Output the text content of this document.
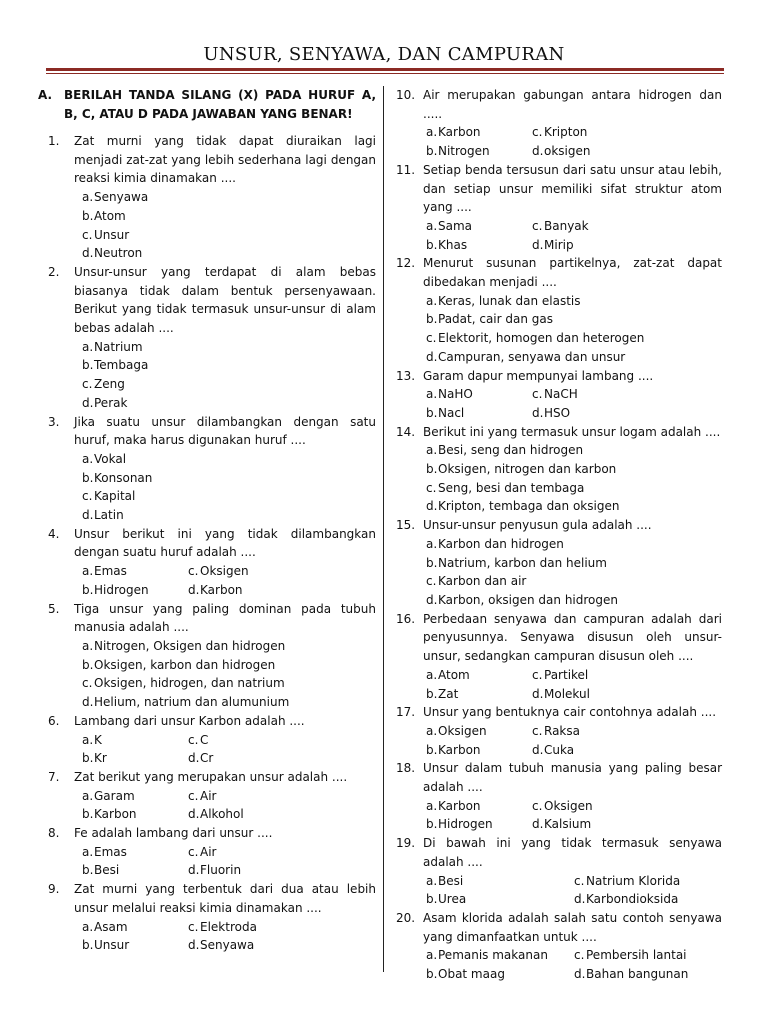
UNSUR, SENYAWA, DAN CAMPURAN
A. BERILAH TANDA SILANG (X) PADA HURUF A, B, C, ATAU D PADA JAWABAN YANG BENAR!
1.	Zat murni yang tidak dapat diuraikan lagi menjadi zat-zat yang lebih sederhana lagi dengan reaksi kimia dinamakan ....
a. Senyawa
b. Atom
c. Unsur
d. Neutron
2.	Unsur-unsur yang terdapat di alam bebas biasanya tidak dalam bentuk persenyawaan. Berikut yang tidak termasuk unsur-unsur di alam bebas adalah ....
a. Natrium
b. Tembaga
c. Zeng
d. Perak
3.	Jika suatu unsur dilambangkan dengan satu huruf, maka harus digunakan huruf ....
a. Vokal
b. Konsonan
c. Kapital
d. Latin
4.	Unsur berikut ini yang tidak dilambangkan dengan suatu huruf adalah ....
a. Emas	c. Oksigen
b. Hidrogen	d. Karbon
5.	Tiga unsur yang paling dominan pada tubuh manusia adalah ....
a. Nitrogen, Oksigen dan hidrogen
b. Oksigen, karbon dan hidrogen
c. Oksigen, hidrogen, dan natrium
d. Helium, natrium dan alumunium
6.	Lambang dari unsur Karbon adalah ....
a. K	c. C
b. Kr	d. Cr
7.	Zat berikut yang merupakan unsur adalah ....
a. Garam	c. Air
b. Karbon	d. Alkohol
8.	Fe adalah lambang dari unsur ....
a. Emas	c. Air
b. Besi	d. Fluorin
9.	Zat murni yang terbentuk dari dua atau lebih unsur melalui reaksi kimia dinamakan ....
a. Asam	c. Elektroda
b. Unsur	d. Senyawa
10. Air merupakan gabungan antara hidrogen dan .....
a. Karbon	c. Kripton
b. Nitrogen	d. oksigen
11. Setiap benda tersusun dari satu unsur atau lebih, dan setiap unsur memiliki sifat struktur atom yang ....
a. Sama	c. Banyak
b. Khas	d. Mirip
12. Menurut susunan partikelnya, zat-zat dapat dibedakan menjadi ....
a. Keras, lunak dan elastis
b. Padat, cair dan gas
c. Elektorit, homogen dan heterogen
d. Campuran, senyawa dan unsur
13. Garam dapur mempunyai lambang ....
a. NaHO	c. NaCH
b. Nacl	d. HSO
14. Berikut ini yang termasuk unsur logam adalah ....
a. Besi, seng dan hidrogen
b. Oksigen, nitrogen dan karbon
c. Seng, besi dan tembaga
d. Kripton, tembaga dan oksigen
15. Unsur-unsur penyusun gula adalah ....
a. Karbon dan hidrogen
b. Natrium, karbon dan helium
c. Karbon dan air
d. Karbon, oksigen dan hidrogen
16. Perbedaan senyawa dan campuran adalah dari penyusunnya. Senyawa disusun oleh unsur-unsur, sedangkan campuran disusun oleh ....
a. Atom	c. Partikel
b. Zat	d. Molekul
17. Unsur yang bentuknya cair contohnya adalah ....
a. Oksigen	c. Raksa
b. Karbon	d. Cuka
18. Unsur dalam tubuh manusia yang paling besar adalah ....
a. Karbon	c. Oksigen
b. Hidrogen	d. Kalsium
19. Di bawah ini yang tidak termasuk senyawa adalah ....
a. Besi	c. Natrium Klorida
b. Urea	d. Karbondioksida
20. Asam klorida adalah salah satu contoh senyawa yang dimanfaatkan untuk ....
a. Pemanis makanan c. Pembersih lantai
b. Obat maag	d. Bahan bangunan
